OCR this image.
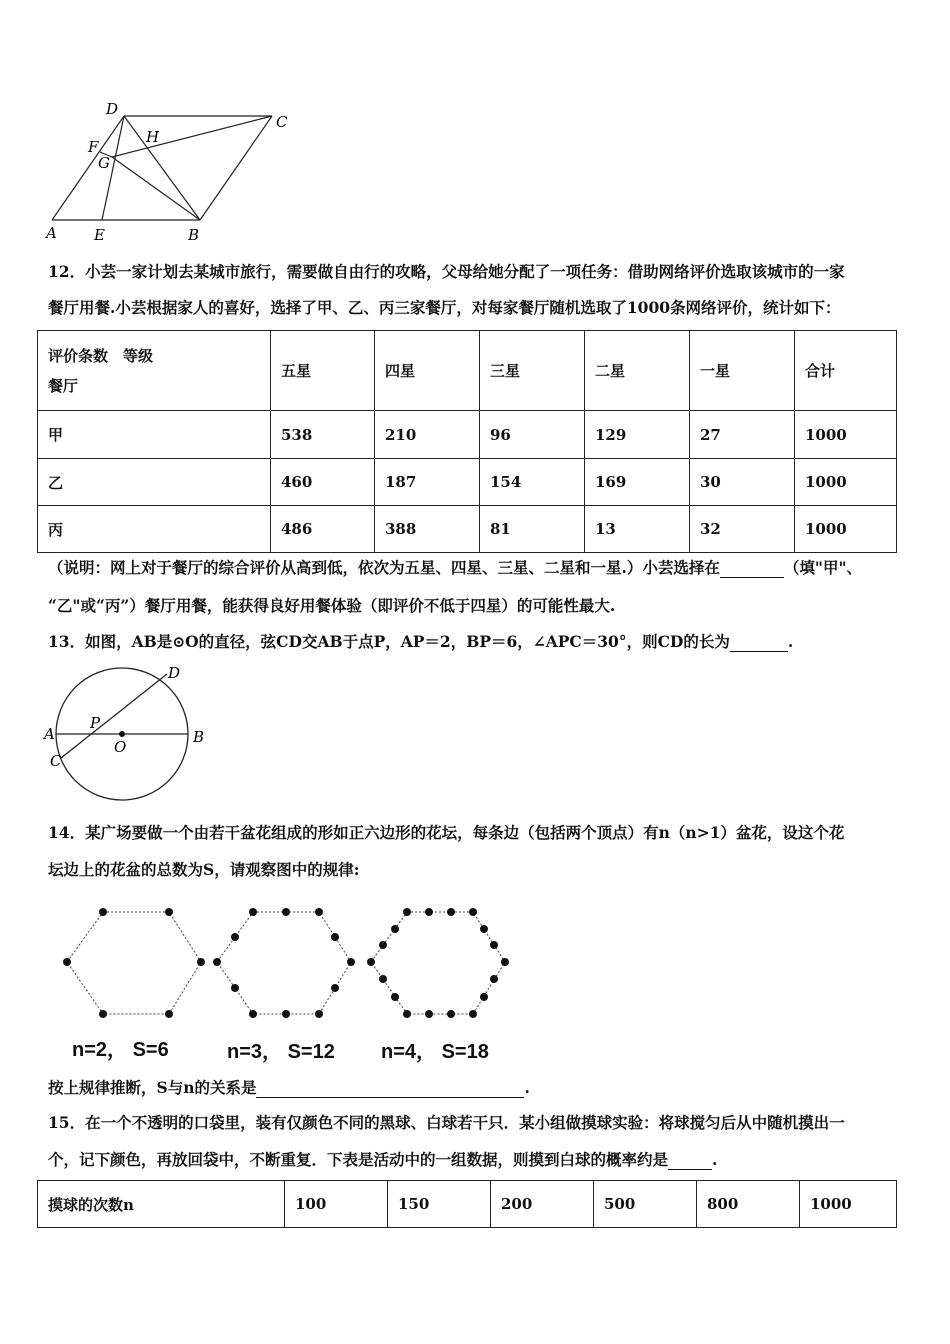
D
C
H
F
G
A E	B
12．小芸一家计划去某城市旅行，需要做自由行的攻略，父母给她分配了一项任务：借助网络评价选取该城市的一家
餐厅用餐.小芸根据家人的喜好，选择了甲、乙、丙三家餐厅，对每家餐厅随机选取了1000条网络评价，统计如下：
评价条数　等级
餐厅	五星	四星	三星	二星	一星	合计
甲	538	210	96	129	27	1000
乙	460	187	154	169	30	1000
丙	486	388	81	13	32	1000
（说明：网上对于餐厅的综合评价从高到低，依次为五星、四星、三星、二星和一星.）小芸选择在	（填"甲"、
“乙"或“丙”）餐厅用餐，能获得良好用餐体验（即评价不低于四星）的可能性最大.
13．如图，AB是⊙O的直径，弦CD交AB于点P，AP＝2，BP＝6，∠APC＝30°，则CD的长为	.
D
A	B
P
O
C
14．某广场要做一个由若干盆花组成的形如正六边形的花坛，每条边（包括两个顶点）有n（n>1）盆花，设这个花
坛边上的花盆的总数为S，请观察图中的规律:
n=2， S=6	n=3， S=12 n=4， S=18
按上规律推断，S与n的关系是	.
15．在一个不透明的口袋里，装有仅颜色不同的黑球、白球若干只．某小组做摸球实验：将球搅匀后从中随机摸出一
个，记下颜色，再放回袋中，不断重复．下表是活动中的一组数据，则摸到白球的概率约是	.
摸球的次数n	100	150	200	500	800	1000
